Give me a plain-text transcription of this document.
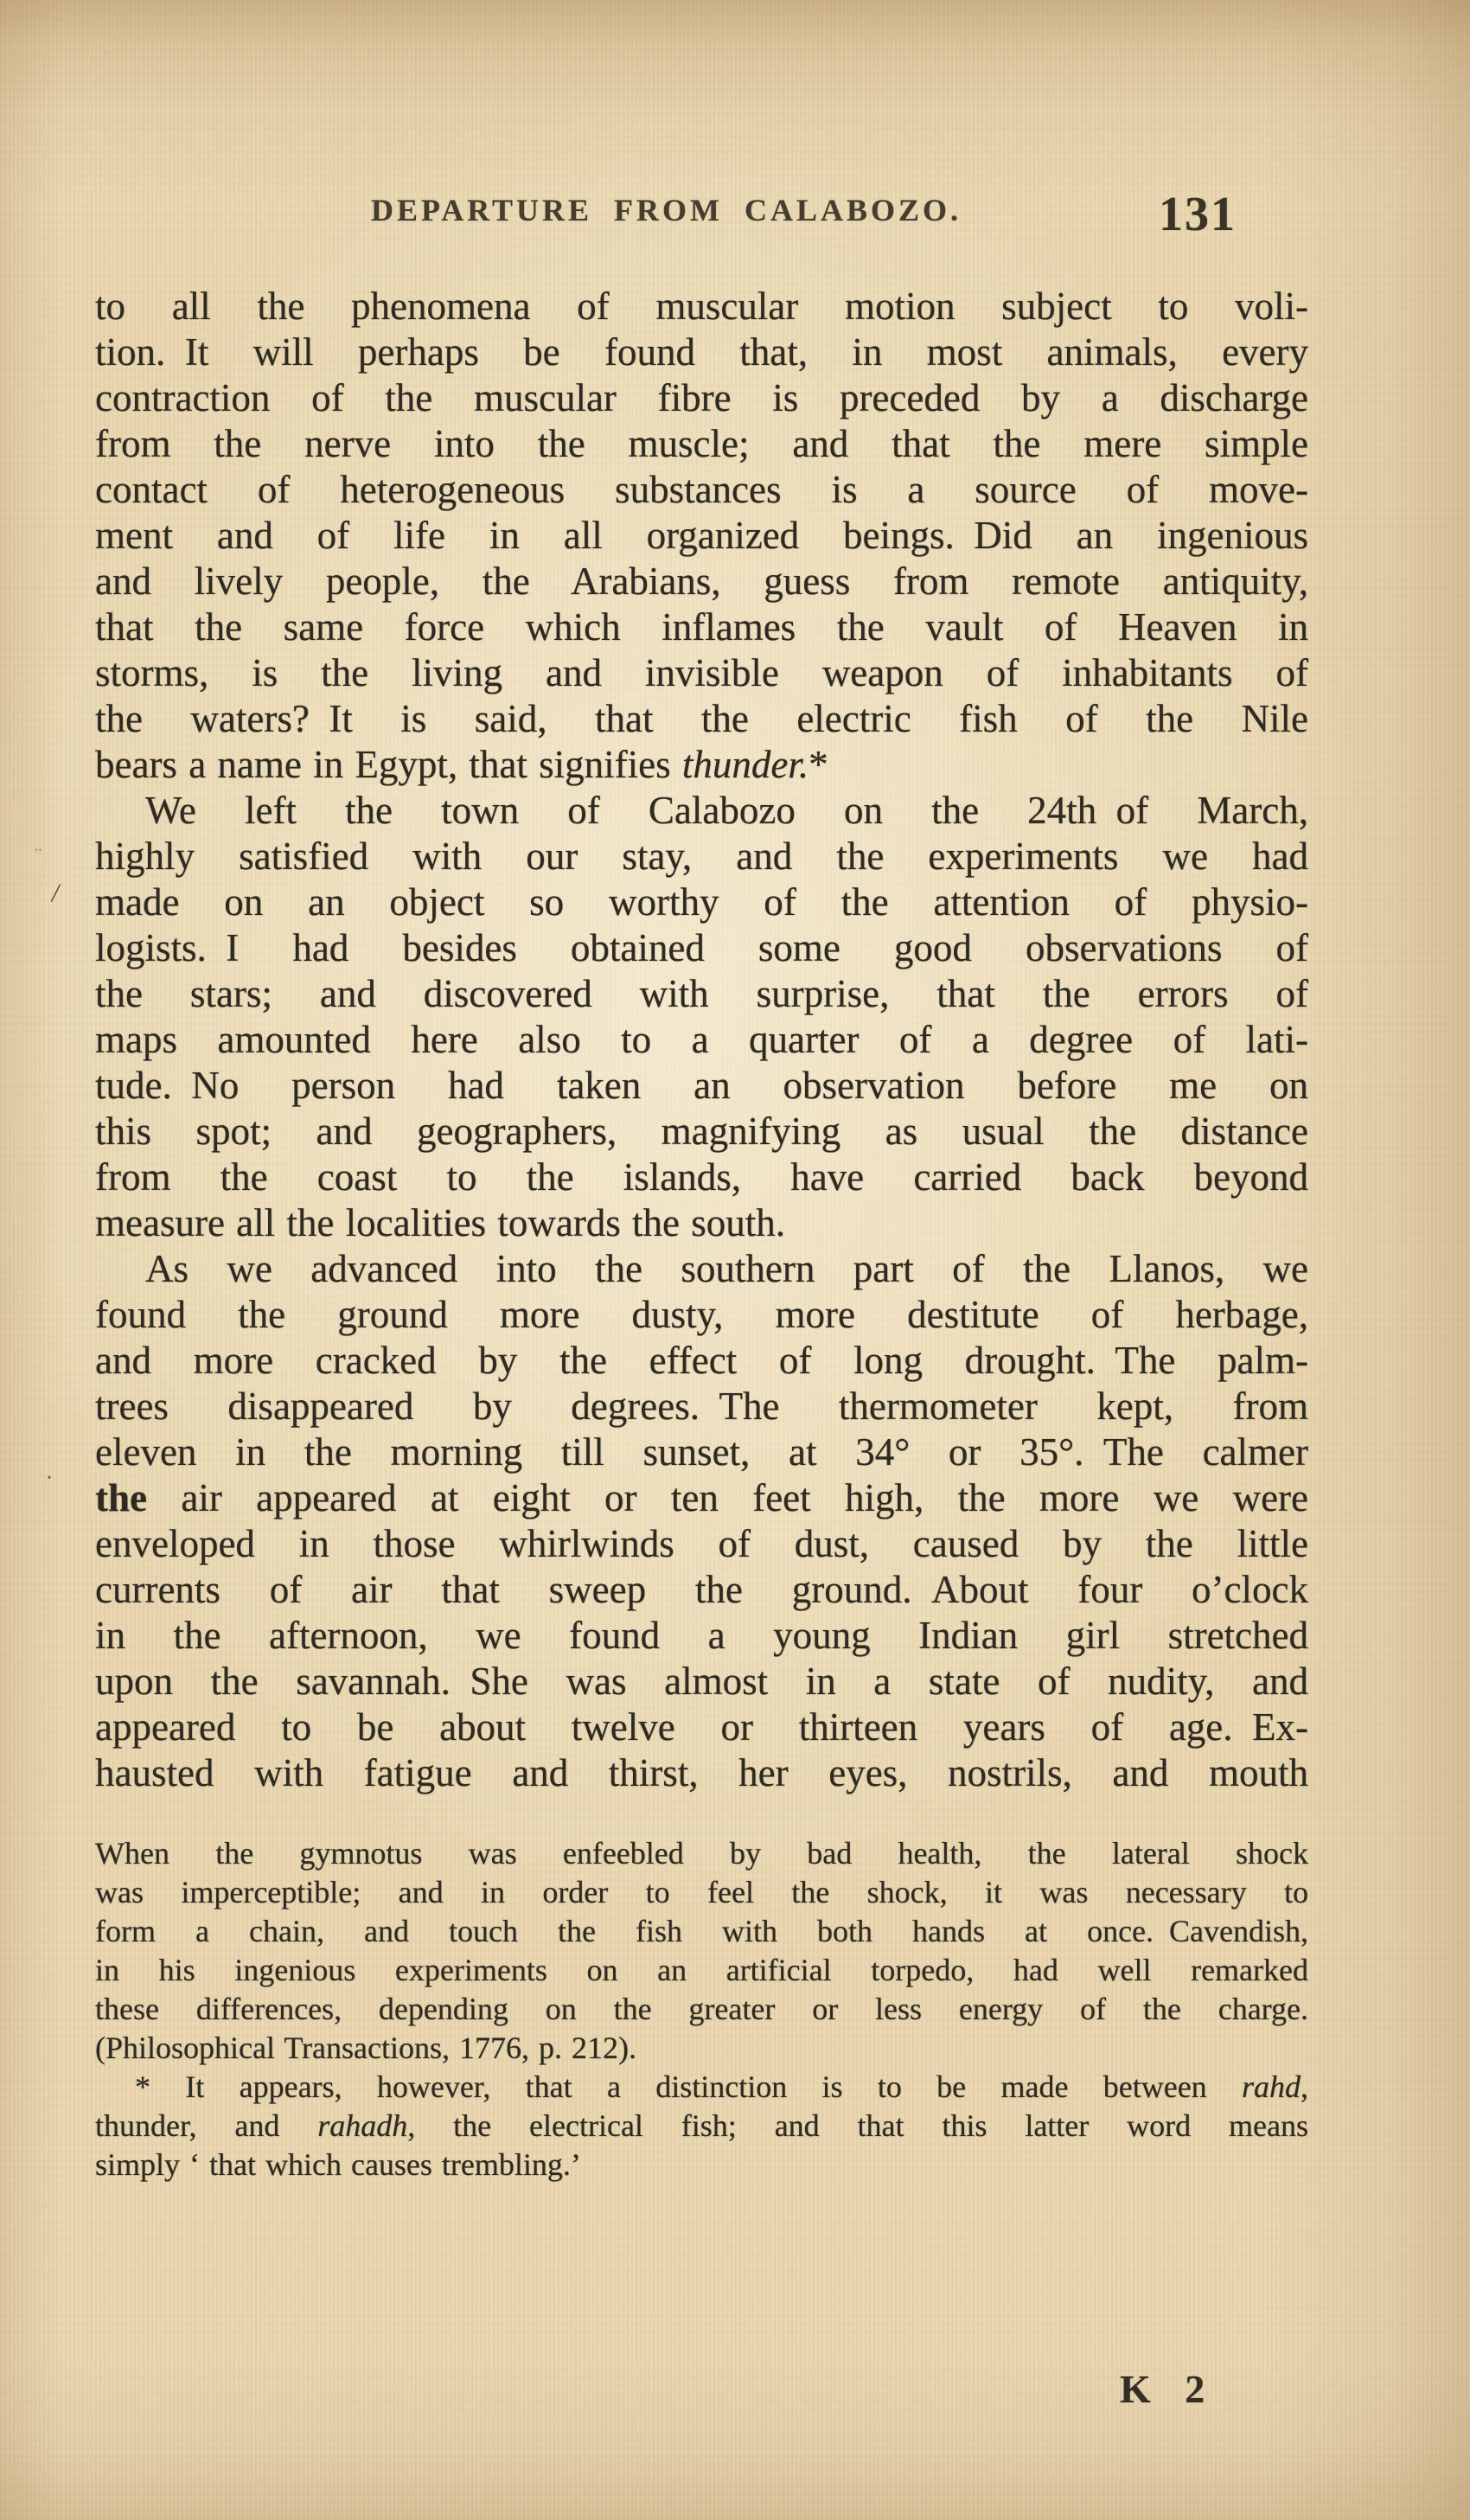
DEPARTURE FROM CALABOZO.	131
to all the phenomena of muscular motion subject to voli-
tion. It will perhaps be found that, in most animals, every
contraction of the muscular fibre is preceded by a discharge
from the nerve into the muscle; and that the mere simple
contact of heterogeneous substances is a source of move-
ment and of life in all organized beings. Did an ingenious
and lively people, the Arabians, guess from remote antiquity,
that the same force which inflames the vault of Heaven in
storms, is the living and invisible weapon of inhabitants of
the waters? It is said, that the electric fish of the Nile
bears a name in Egypt, that signifies thunder.*
We left the town of Calabozo on the 24th of March,
highly satisfied with our stay, and the experiments we had
made on an object so worthy of the attention of physio-
logists. I had besides obtained some good observations of
the stars; and discovered with surprise, that the errors of
maps amounted here also to a quarter of a degree of lati-
tude. No person had taken an observation before me on
this spot; and geographers, magnifying as usual the distance
from the coast to the islands, have carried back beyond
measure all the localities towards the south.
As we advanced into the southern part of the Llanos, we
found the ground more dusty, more destitute of herbage,
and more cracked by the effect of long drought. The palm-
trees disappeared by degrees. The thermometer kept, from
eleven in the morning till sunset, at 34° or 35°. The calmer
the air appeared at eight or ten feet high, the more we were
enveloped in those whirlwinds of dust, caused by the little
currents of air that sweep the ground. About four o’clock
in the afternoon, we found a young Indian girl stretched
upon the savannah. She was almost in a state of nudity, and
appeared to be about twelve or thirteen years of age. Ex-
hausted with fatigue and thirst, her eyes, nostrils, and mouth
When the gymnotus was enfeebled by bad health, the lateral shock
was imperceptible; and in order to feel the shock, it was necessary to
form a chain, and touch the fish with both hands at once. Cavendish,
in his ingenious experiments on an artificial torpedo, had well remarked
these differences, depending on the greater or less energy of the charge.
(Philosophical Transactions, 1776, p. 212).
* It appears, however, that a distinction is to be made between rahd,
thunder, and rahadh, the electrical fish; and that this latter word means
simply ‘ that which causes trembling.’
K 2
¨
/
·
